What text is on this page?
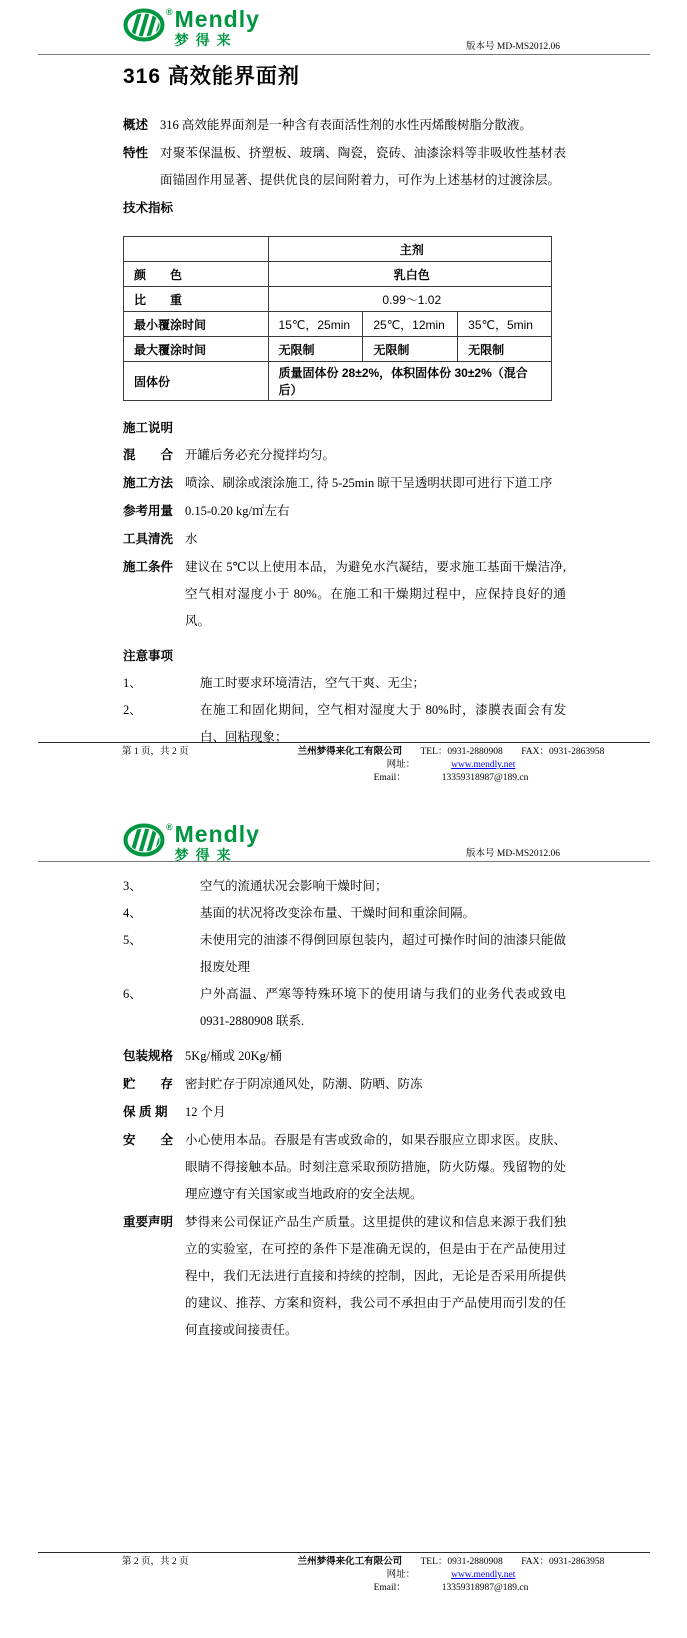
® Mendly
梦得来	版本号 MD-MS2012.06
316 高效能界面剂
概述 316 高效能界面剂是一种含有表面活性剂的水性丙烯酸树脂分散液。
特性 对聚苯保温板、挤塑板、玻璃、陶瓷，瓷砖、油漆涂料等非吸收性基材表面锚固作用显著、提供优良的层间附着力，可作为上述基材的过渡涂层。
技术指标
	主剂		
颜　　色	乳白色		
比　　重	0.99～1.02		
最小覆涂时间	15℃，25min	25℃，12min	35℃，5min
最大覆涂时间	无限制	无限制	无限制
固体份	质量固体份 28±2%，体积固体份 30±2%（混合后）		
施工说明
混　　合 开罐后务必充分搅拌均匀。
施工方法 喷涂、刷涂或滚涂施工, 待 5-25min 晾干呈透明状即可进行下道工序
参考用量 0.15-0.20 kg/㎡左右
工具清洗 水
施工条件 建议在 5℃以上使用本品，为避免水汽凝结，要求施工基面干燥洁净, 空气相对湿度小于 80%。在施工和干燥期过程中，应保持良好的通风。
注意事项
1、	施工时要求环境清洁，空气干爽、无尘；
2、	在施工和固化期间，空气相对湿度大于 80%时，漆膜表面会有发白、回粘现象；
第 1 页，共 2 页	兰州梦得来化工有限公司 TEL：0931-2880908 FAX：0931-2863958
网址：	www.mendly.net Email：	13359318987@189.cn
® Mendly
梦得来	版本号 MD-MS2012.06
3、	空气的流通状况会影响干燥时间；
4、	基面的状况将改变涂布量、干燥时间和重涂间隔。
5、	未使用完的油漆不得倒回原包装内，超过可操作时间的油漆只能做报废处理
6、	户外高温、严寒等特殊环境下的使用请与我们的业务代表或致电 0931-2880908 联系.
包装规格 5Kg/桶或 20Kg/桶
贮　　存 密封贮存于阴凉通风处，防潮、防晒、防冻
保 质 期	12 个月
安　　全 小心使用本品。吞服是有害或致命的，如果吞服应立即求医。皮肤、眼睛不得接触本品。时刻注意采取预防措施，防火防爆。残留物的处理应遵守有关国家或当地政府的安全法规。
重要声明 梦得来公司保证产品生产质量。这里提供的建议和信息来源于我们独立的实验室，在可控的条件下是准确无误的，但是由于在产品使用过程中，我们无法进行直接和持续的控制，因此，无论是否采用所提供的建议、推荐、方案和资料，我公司不承担由于产品使用而引发的任何直接或间接责任。
第 2 页，共 2 页	兰州梦得来化工有限公司 TEL：0931-2880908 FAX：0931-2863958
网址：	www.mendly.net Email：	13359318987@189.cn
